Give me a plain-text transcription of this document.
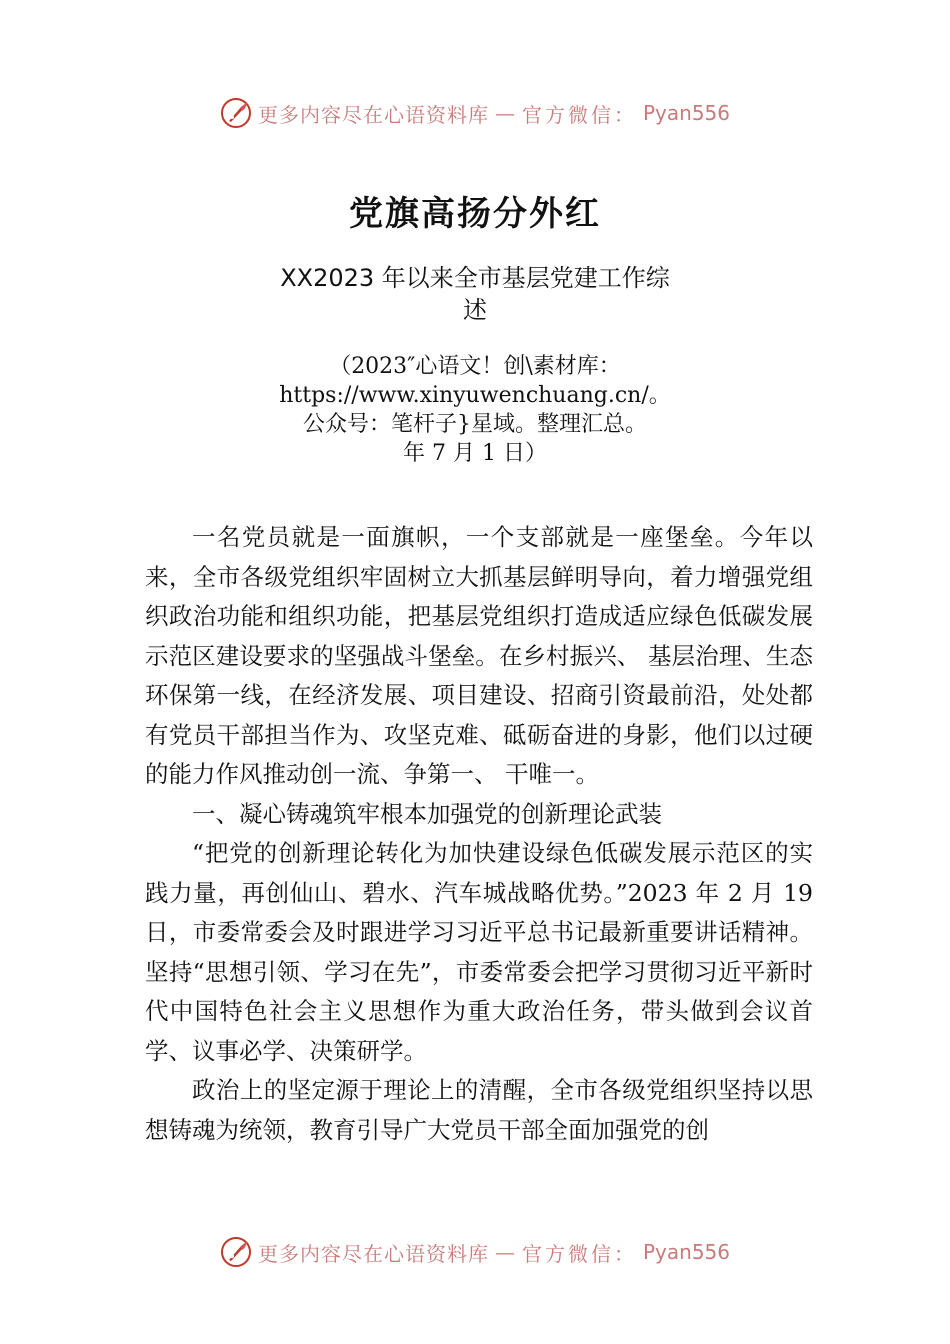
更多内容尽在心语资料库 — 官方微信： Pyan556
党旗高扬分外红
XX2023 年以来全市基层党建工作综
述
（2023″心语文！创\素材库：
https://www.xinyuwenchuang.cn/。
公众号：笔杆子}星域。整理汇总。
年 7 月 1 日）

一名党员就是一面旗帜，一个支部就是一座堡垒。今年以来，全市各级党组织牢固树立大抓基层鲜明导向，着力增强党组织政治功能和组织功能，把基层党组织打造成适应绿色低碳发展示范区建设要求的坚强战斗堡垒。在乡村振兴、 基层治理、生态环保第一线，在经济发展、项目建设、招商引资最前沿，处处都有党员干部担当作为、攻坚克难、砥砺奋进的身影，他们以过硬的能力作风推动创一流、争第一、 干唯一。

一、凝心铸魂筑牢根本加强党的创新理论武装

“把党的创新理论转化为加快建设绿色低碳发展示范区的实践力量，再创仙山、碧水、汽车城战略优势。”2023 年 2 月 19 日，市委常委会及时跟进学习习近平总书记最新重要讲话精神。坚持“思想引领、学习在先”，市委常委会把学习贯彻习近平新时代中国特色社会主义思想作为重大政治任务，带头做到会议首学、议事必学、决策研学。

政治上的坚定源于理论上的清醒，全市各级党组织坚持以思想铸魂为统领，教育引导广大党员干部全面加强党的创

更多内容尽在心语资料库 — 官方微信： Pyan556
